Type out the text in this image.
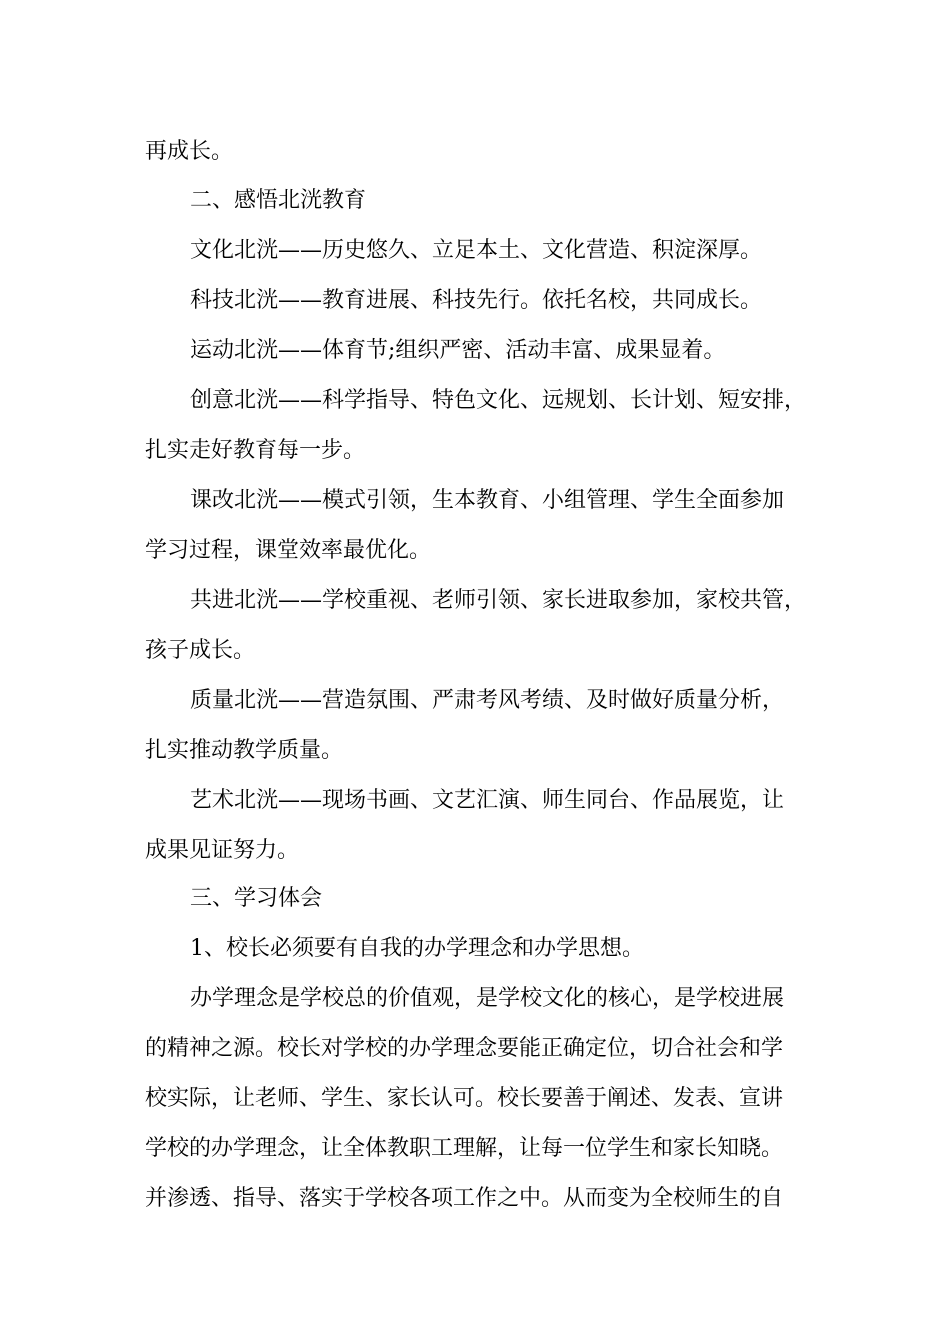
再成长。
二、感悟北洸教育
文化北洸——历史悠久、立足本土、文化营造、积淀深厚。
科技北洸——教育进展、科技先行。依托名校，共同成长。
运动北洸——体育节;组织严密、活动丰富、成果显着。
创意北洸——科学指导、特色文化、远规划、长计划、短安排，
扎实走好教育每一步。
课改北洸——模式引领，生本教育、小组管理、学生全面参加
学习过程，课堂效率最优化。
共进北洸——学校重视、老师引领、家长进取参加，家校共管，
孩子成长。
质量北洸——营造氛围、严肃考风考绩、及时做好质量分析，
扎实推动教学质量。
艺术北洸——现场书画、文艺汇演、师生同台、作品展览，让
成果见证努力。
三、学习体会
1、校长必须要有自我的办学理念和办学思想。
办学理念是学校总的价值观，是学校文化的核心，是学校进展
的精神之源。校长对学校的办学理念要能正确定位，切合社会和学
校实际，让老师、学生、家长认可。校长要善于阐述、发表、宣讲
学校的办学理念，让全体教职工理解，让每一位学生和家长知晓。
并渗透、指导、落实于学校各项工作之中。从而变为全校师生的自
